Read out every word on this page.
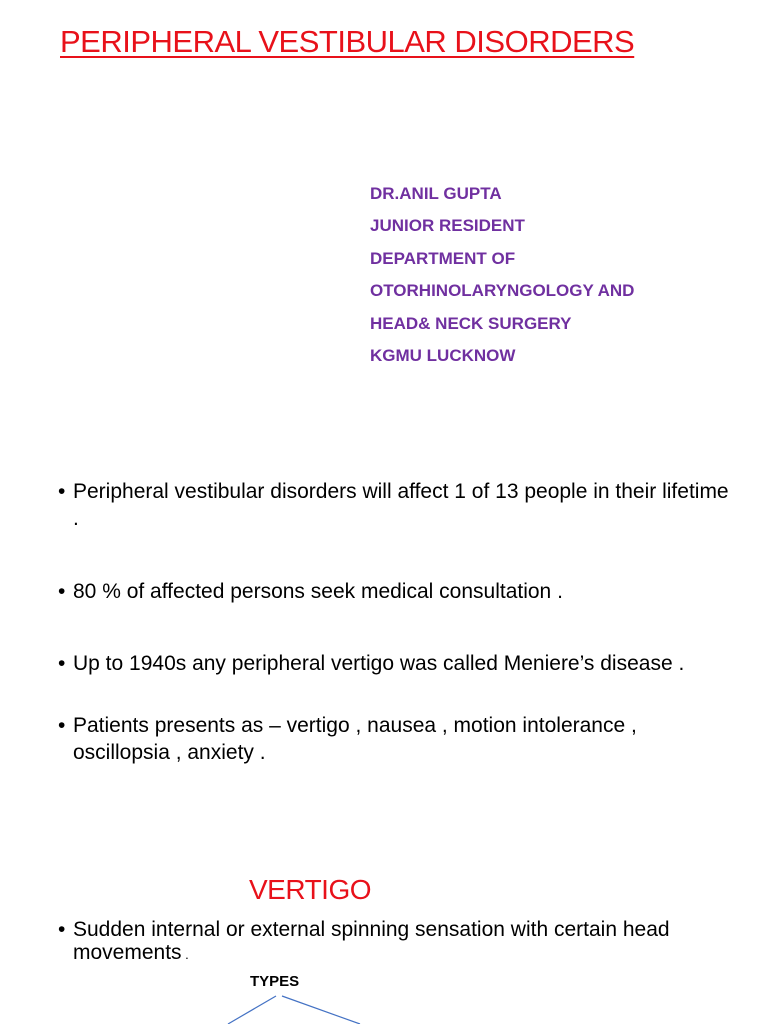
PERIPHERAL VESTIBULAR DISORDERS
DR.ANIL GUPTA
JUNIOR RESIDENT
DEPARTMENT OF
OTORHINOLARYNGOLOGY AND
HEAD& NECK SURGERY
KGMU LUCKNOW
• Peripheral vestibular disorders will affect 1 of 13 people in their lifetime .
• 80 % of affected persons seek medical consultation .
• Up to 1940s any peripheral vertigo was called Meniere’s disease .
• Patients presents as – vertigo , nausea , motion intolerance , oscillopsia , anxiety .
VERTIGO
• Sudden internal or external spinning sensation with certain head movements .
TYPES
